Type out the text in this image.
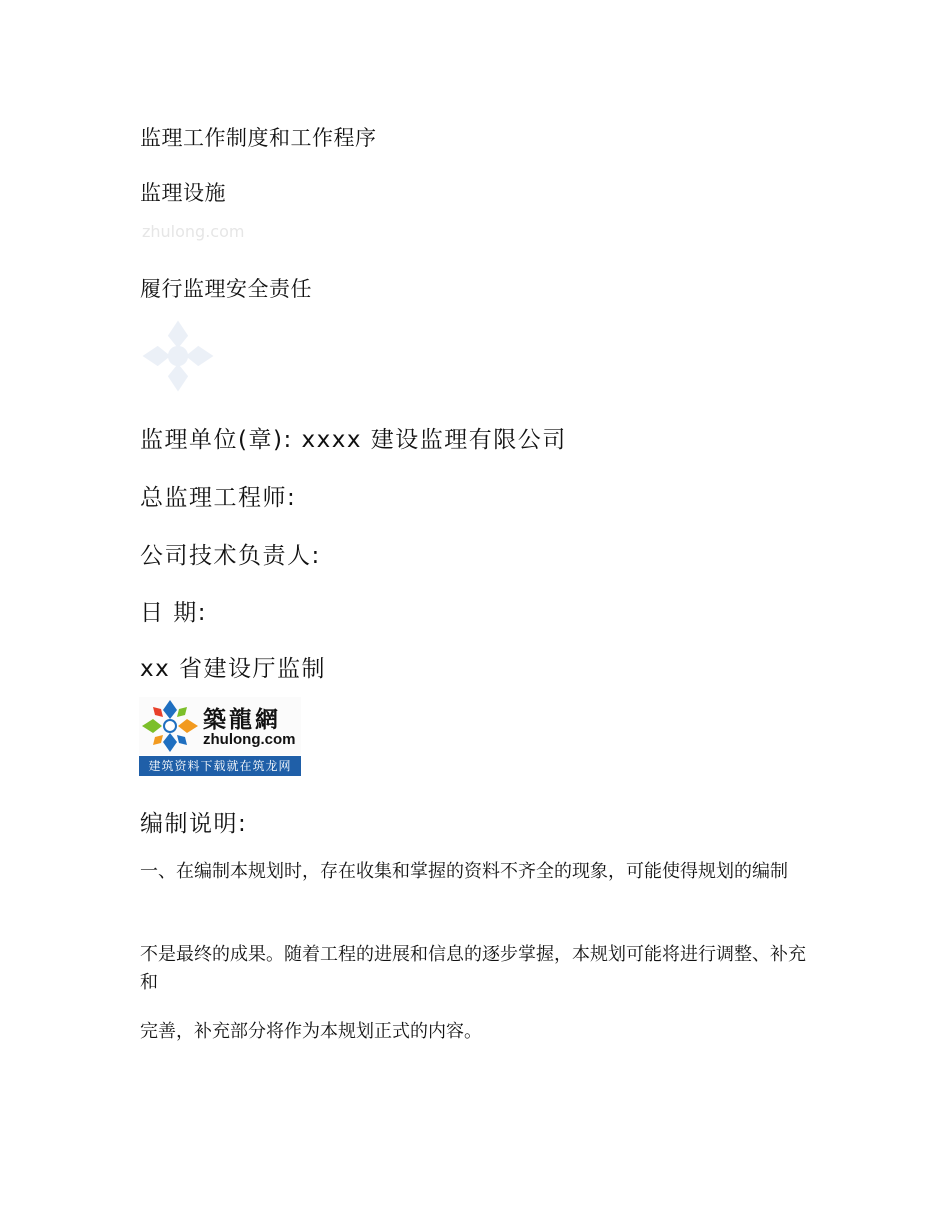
监理工作制度和工作程序
监理设施
zhulong.com
履行监理安全责任
监理单位(章): xxxx 建设监理有限公司
总监理工程师:
公司技术负责人:
日 期:
xx 省建设厅监制
築龍網
zhulong.com
建筑资料下载就在筑龙网
编制说明:
一、在编制本规划时，存在收集和掌握的资料不齐全的现象，可能使得规划的编制
不是最终的成果。随着工程的进展和信息的逐步掌握，本规划可能将进行调整、补充和
完善，补充部分将作为本规划正式的内容。
